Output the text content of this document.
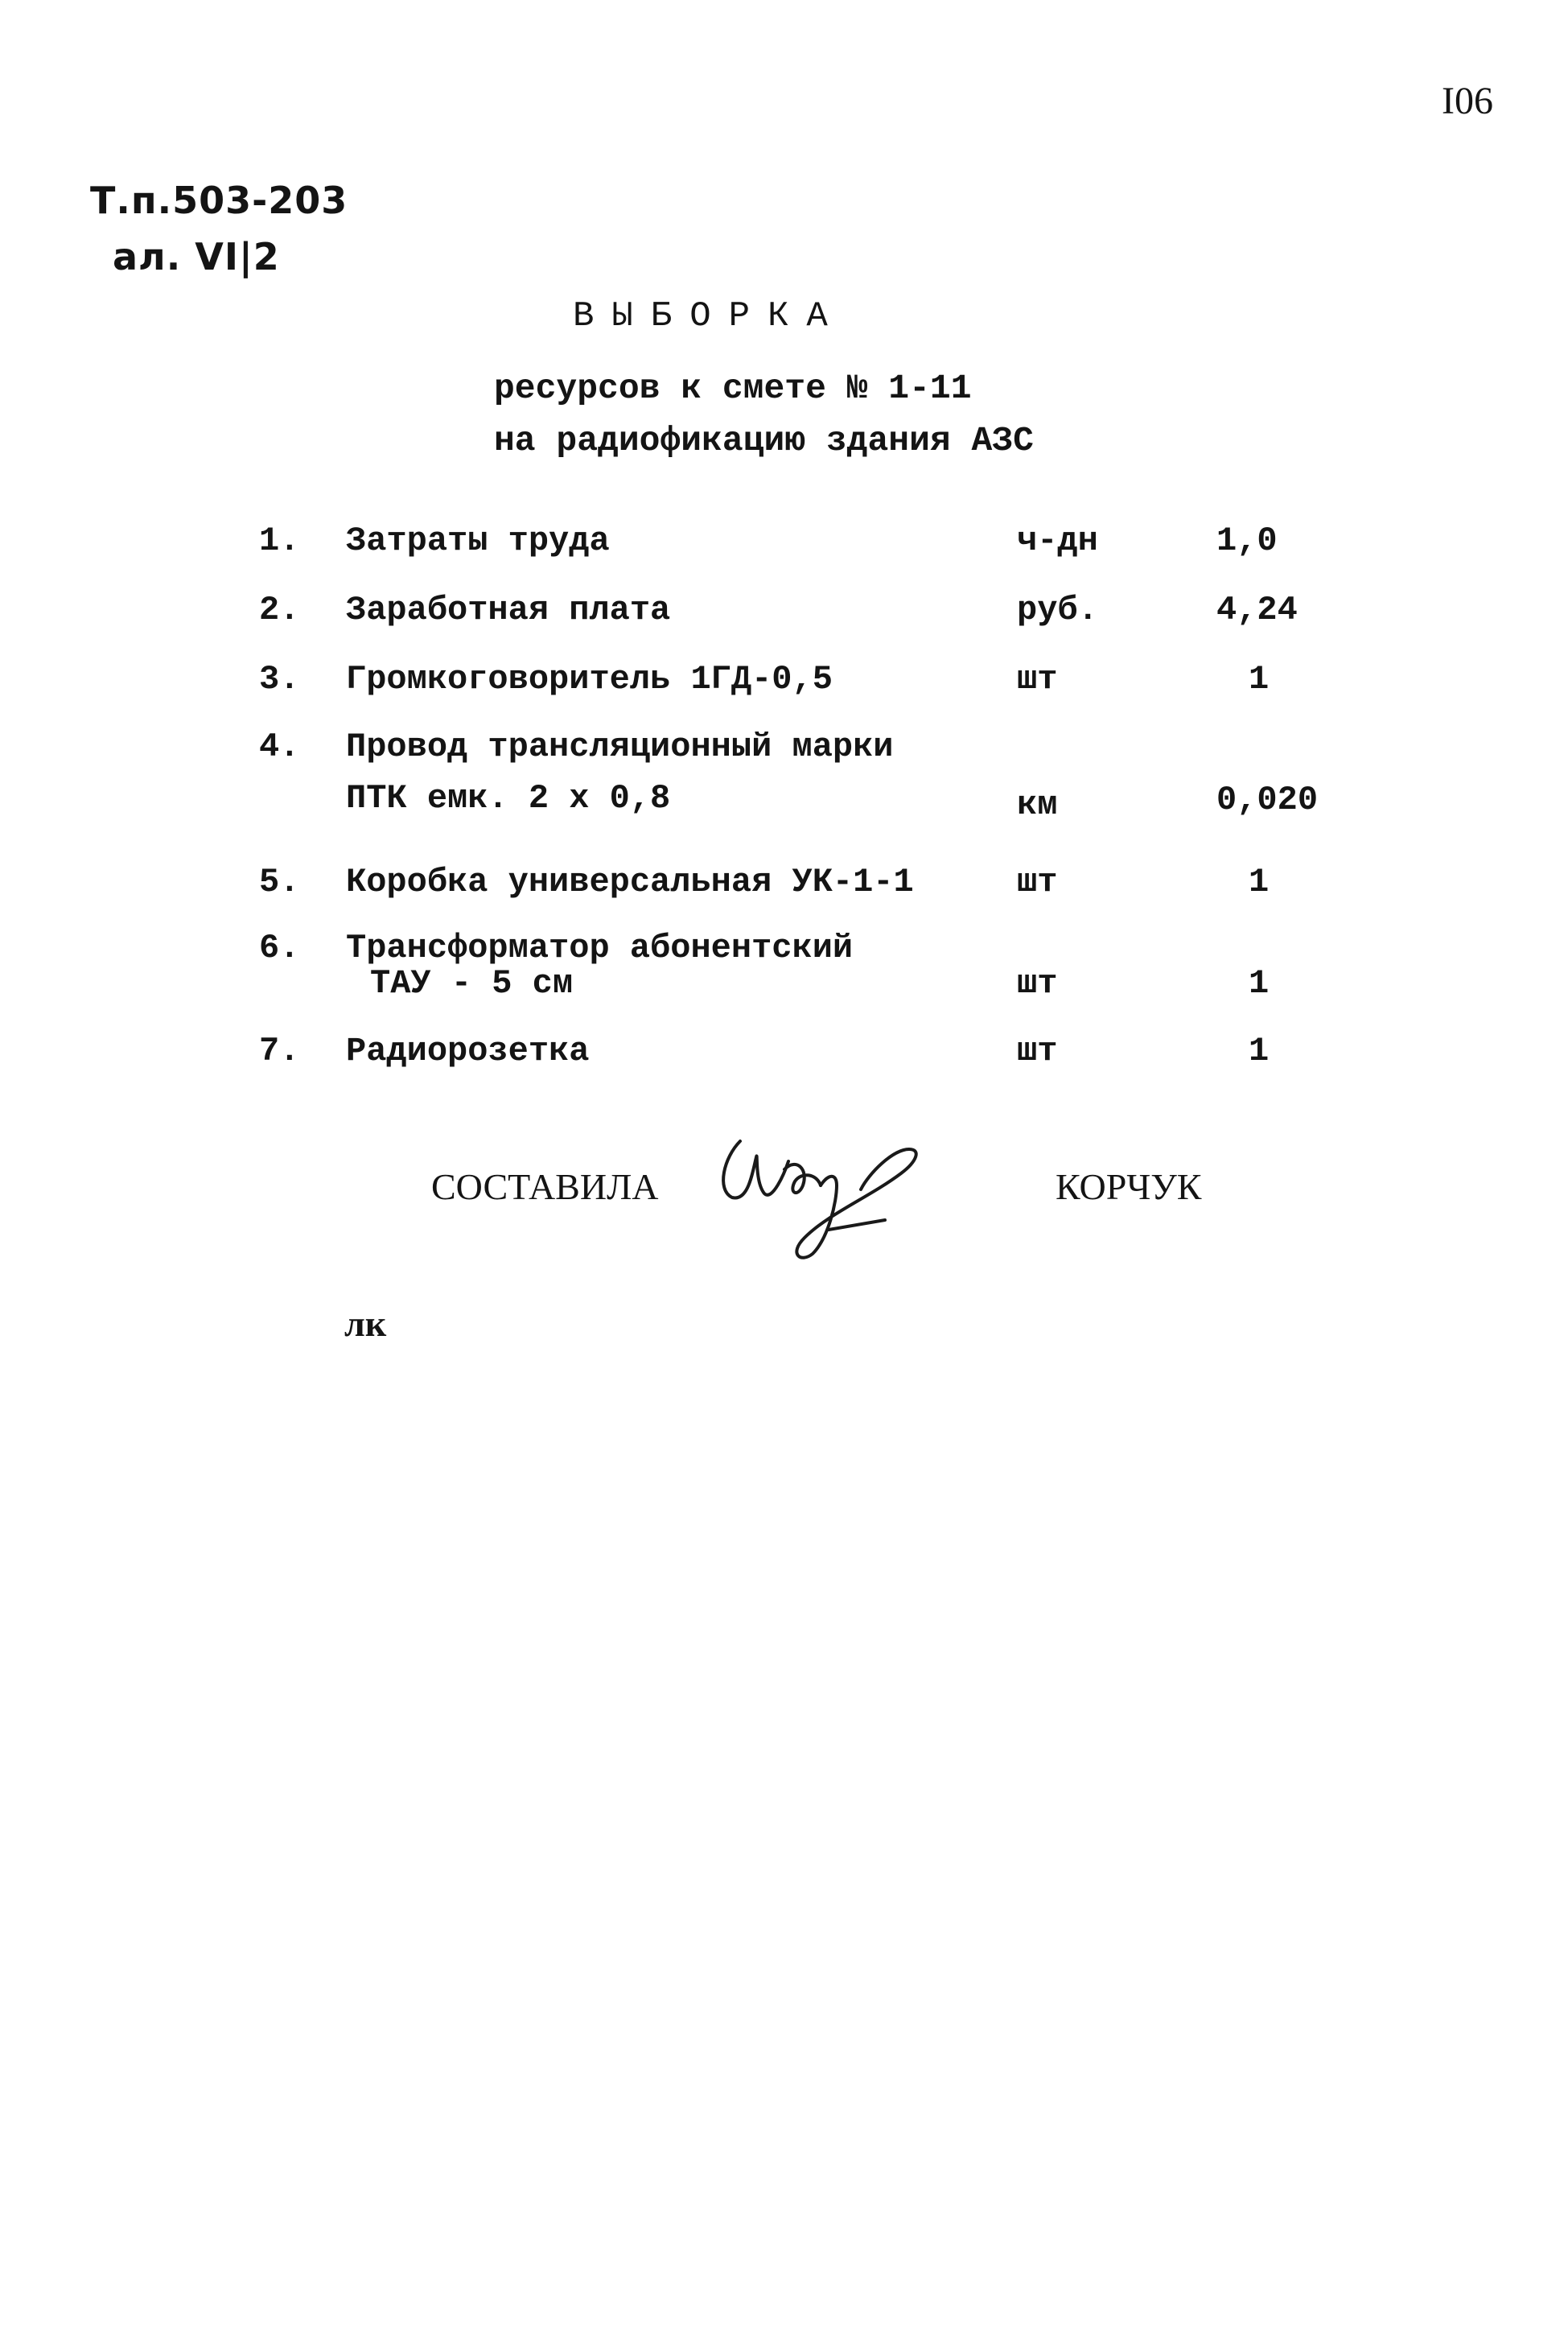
I06
Т.п.503-203
ал. VI|2
ВЫБОРКА
ресурсов к смете № 1-11
на радиофикацию здания АЗС
1. Затраты труда	ч-дн	1,0
2. Заработная плата	руб.	4,24
3. Громкоговоритель 1ГД-0,5	шт	1
4. Провод трансляционный марки
ПТК емк. 2 x 0,8	км	0,020
5. Коробка универсальная УК-1-1	шт	1
6. Трансформатор абонентский
ТАУ - 5 см	шт	1
7. Радиорозетка	шт	1
СОСТАВИЛА	КОРЧУК
лк
